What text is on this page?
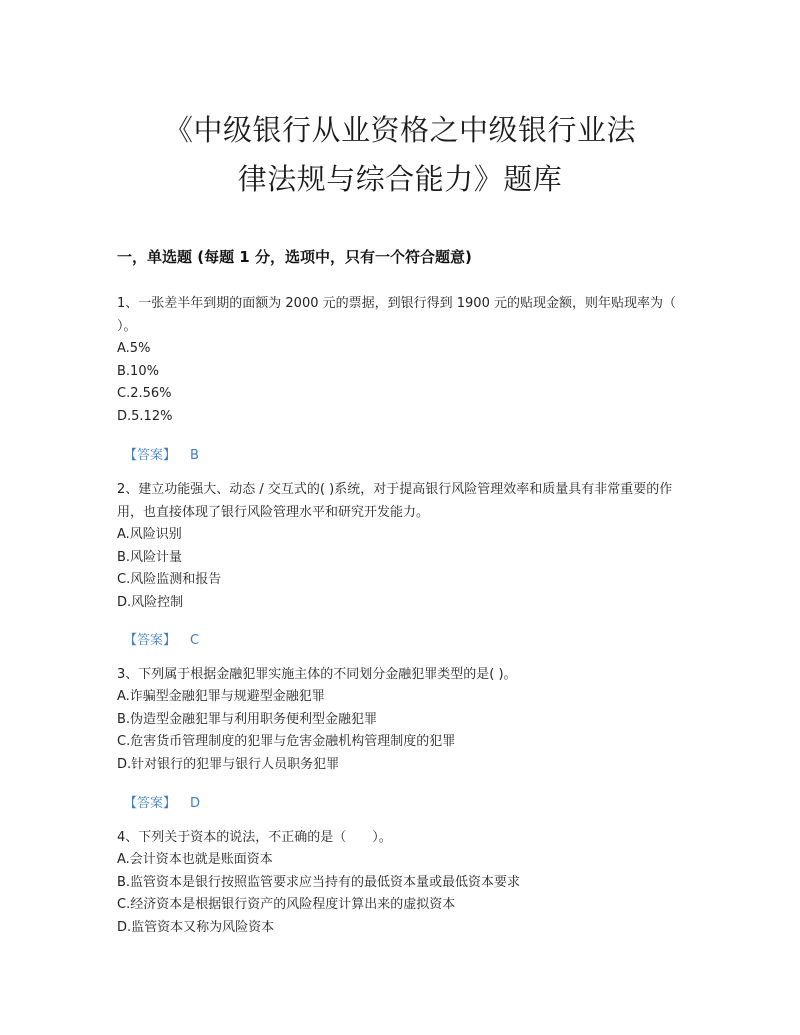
《中级银行从业资格之中级银行业法
律法规与综合能力》题库
一，单选题 (每题 1 分，选项中，只有一个符合题意)

1、一张差半年到期的面额为 2000 元的票据，到银行得到 1900 元的贴现金额，则年贴现率为（ ）。

A.5%

B.10%

C.2.56%

D.5.12%

【答案】 B

2、建立功能强大、动态 / 交互式的( )系统，对于提高银行风险管理效率和质量具有非常重要的作用，也直接体现了银行风险管理水平和研究开发能力。

A.风险识别

B.风险计量

C.风险监测和报告

D.风险控制

【答案】 C

3、下列属于根据金融犯罪实施主体的不同划分金融犯罪类型的是( )。

A.诈骗型金融犯罪与规避型金融犯罪

B.伪造型金融犯罪与利用职务便利型金融犯罪

C.危害货币管理制度的犯罪与危害金融机构管理制度的犯罪

D.针对银行的犯罪与银行人员职务犯罪

【答案】 D

4、下列关于资本的说法，不正确的是（　　）。

A.会计资本也就是账面资本

B.监管资本是银行按照监管要求应当持有的最低资本量或最低资本要求

C.经济资本是根据银行资产的风险程度计算出来的虚拟资本

D.监管资本又称为风险资本
